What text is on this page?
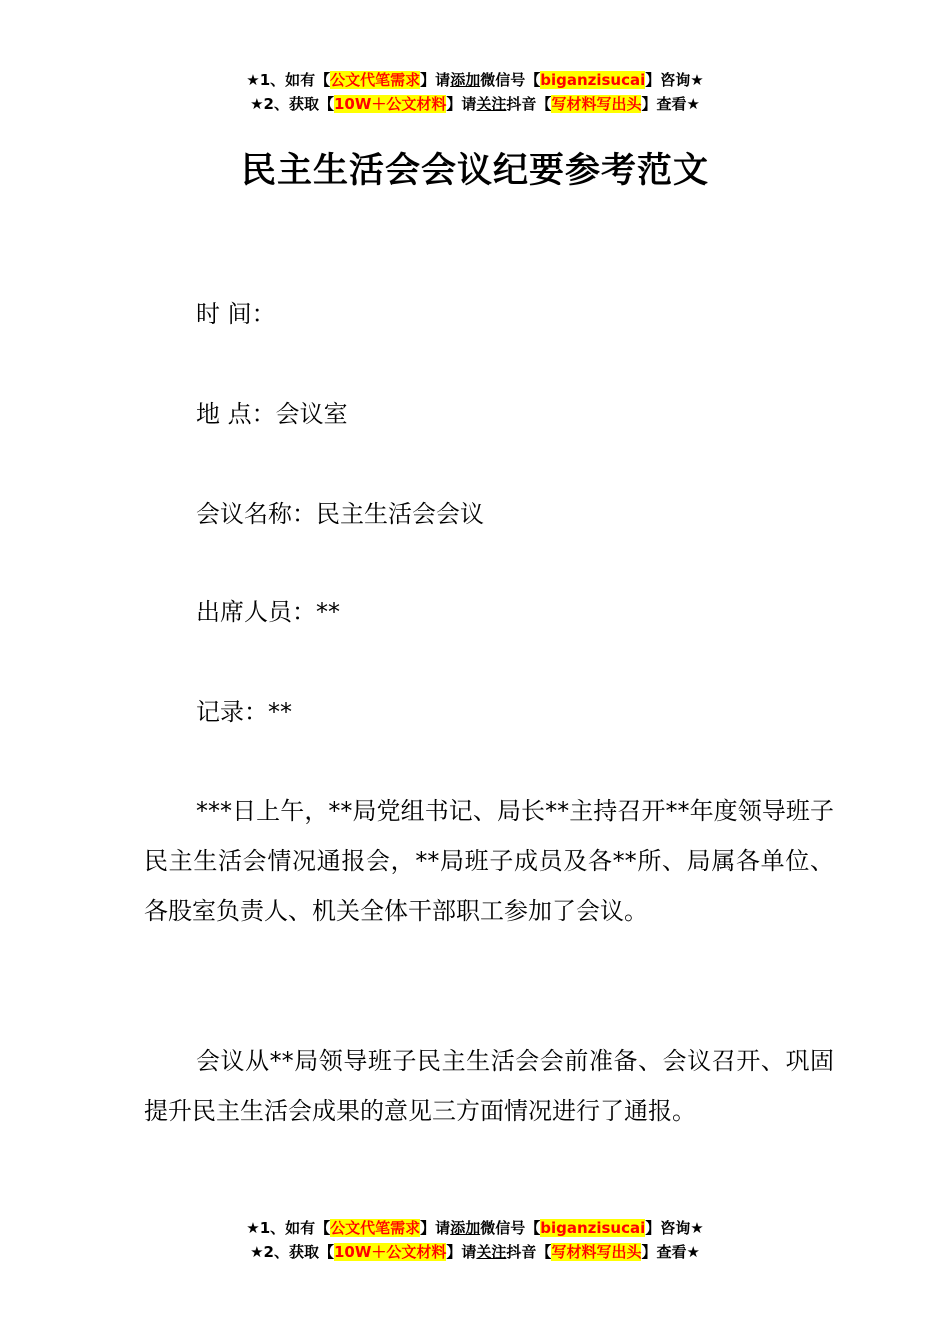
★1、如有【公文代笔需求】请添加微信号【biganzisucai】咨询★
★2、获取【10W＋公文材料】请关注抖音【写材料写出头】查看★
民主生活会会议纪要参考范文
时 间：
地 点：会议室
会议名称：民主生活会会议
出席人员：**
记录：**
***日上午，**局党组书记、局长**主持召开**年度领导班子民主生活会情况通报会，**局班子成员及各**所、局属各单位、各股室负责人、机关全体干部职工参加了会议。
会议从**局领导班子民主生活会会前准备、会议召开、巩固提升民主生活会成果的意见三方面情况进行了通报。
★1、如有【公文代笔需求】请添加微信号【biganzisucai】咨询★
★2、获取【10W＋公文材料】请关注抖音【写材料写出头】查看★
